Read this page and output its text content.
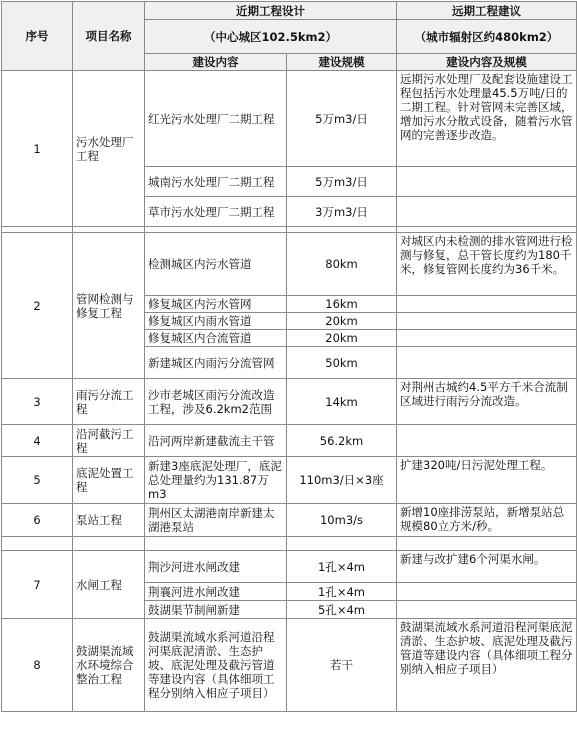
序号	项目名称	近期工程设计		远期工程建议
		（中心城区102.5km2）		（城市辐射区约480km2）
		建设内容	建设规模	建设内容及规模
1	污水处理厂工程	红光污水处理厂二期工程	5万m3/日	远期污水处理厂及配套设施建设工程包括污水处理量45.5万吨/日的二期工程。针对管网未完善区域，增加污水分散式设备，随着污水管网的完善逐步改造。
		城南污水处理厂二期工程	5万m3/日	
		草市污水处理厂二期工程	3万m3/日	

2	管网检测与修复工程	检测城区内污水管道	80km	对城区内未检测的排水管网进行检测与修复，总干管长度约为180千米，修复管网长度约为36千米。
		修复城区内污水管网	16km	
		修复城区内雨水管道	20km	
		修复城区内合流管道	20km	
		新建城区内雨污分流管网	50km	
3	雨污分流工程	沙市老城区雨污分流改造工程，涉及6.2km2范围	14km	对荆州古城约4.5平方千米合流制区域进行雨污分流改造。
4	沿河截污工程	沿河两岸新建截流主干管	56.2km	
5	底泥处置工程	新建3座底泥处理厂，底泥总处理量约为131.87万m3	110m3/日×3座	扩建320吨/日污泥处理工程。
6	泵站工程	荆州区太湖港南岸新建太湖港泵站	10m3/s	新增10座排涝泵站，新增泵站总规模80立方米/秒。

7	水闸工程	荆沙河进水闸改建	1孔×4m	新建与改扩建6个河渠水闸。
		荆襄河进水闸改建	1孔×4m	
		鼓湖渠节制闸新建	5孔×4m	
8	鼓湖渠流域水环境综合整治工程	鼓湖渠流域水系河道沿程河渠底泥清淤、生态护坡、底泥处理及截污管道等建设内容（具体细项工程分别纳入相应子项目）	若干	鼓湖渠流域水系河道沿程河渠底泥清淤、生态护坡、底泥处理及截污管道等建设内容（具体细项工程分别纳入相应子项目）
